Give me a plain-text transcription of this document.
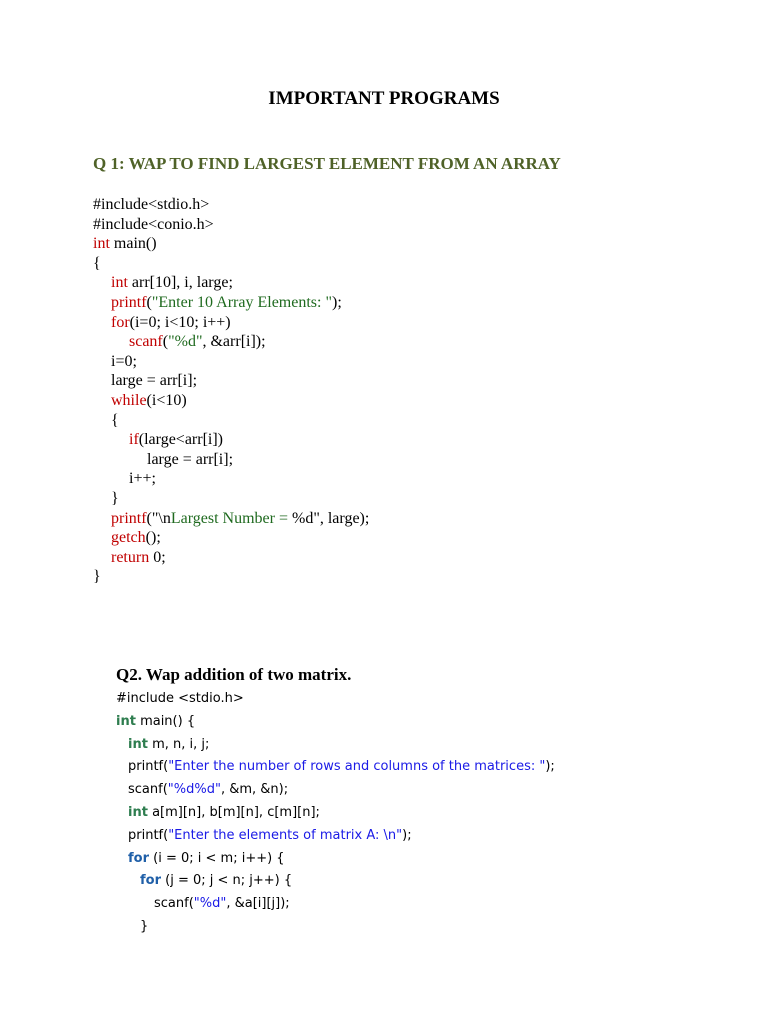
IMPORTANT PROGRAMS
Q 1: WAP TO FIND LARGEST ELEMENT FROM AN ARRAY
#include<stdio.h>
#include<conio.h>
int main()
{
int arr[10], i, large;
printf("Enter 10 Array Elements: ");
for(i=0; i<10; i++)
scanf("%d", &arr[i]);
i=0;
large = arr[i];
while(i<10)
{
if(large<arr[i])
large = arr[i];
i++;
}
printf("\nLargest Number = %d", large);
getch();
return 0;
}
Q2. Wap addition of two matrix.
#include <stdio.h>
int main() {
int m, n, i, j;
printf("Enter the number of rows and columns of the matrices: ");
scanf("%d%d", &m, &n);
int a[m][n], b[m][n], c[m][n];
printf("Enter the elements of matrix A: \n");
for (i = 0; i < m; i++) {
for (j = 0; j < n; j++) {
scanf("%d", &a[i][j]);
}
